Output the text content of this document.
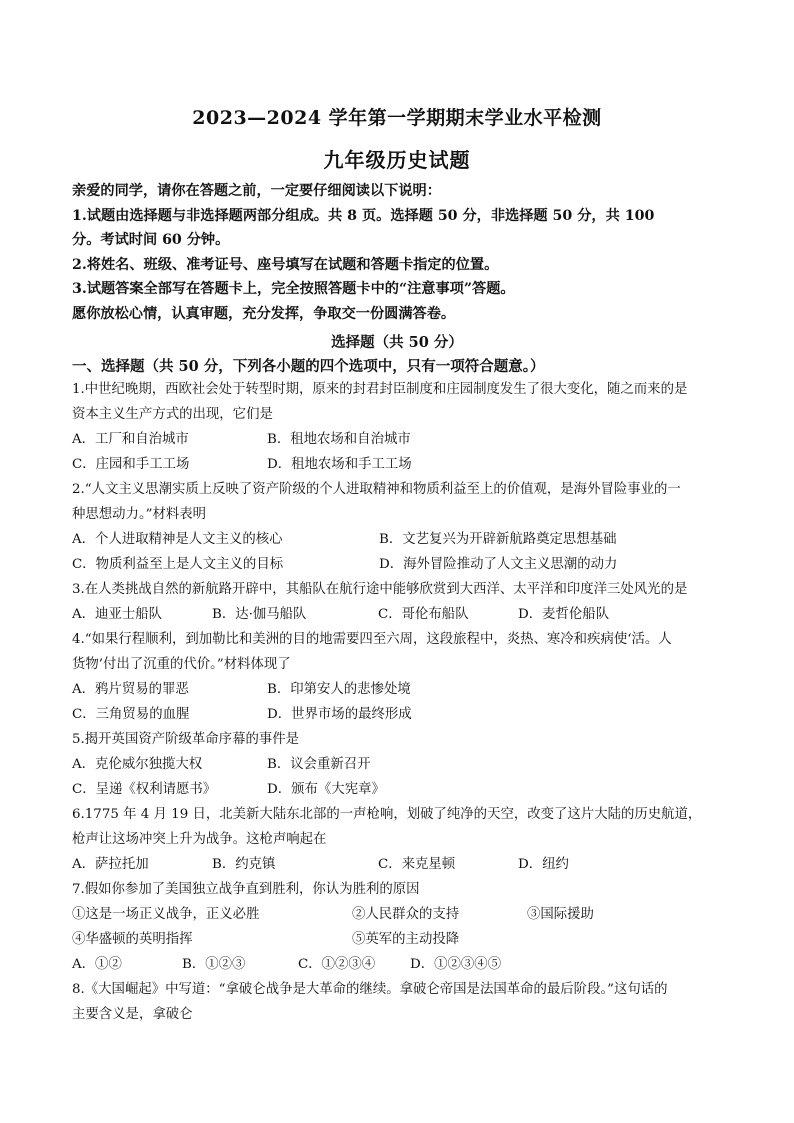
2023—2024 学年第一学期期末学业水平检测
九年级历史试题
亲爱的同学，请你在答题之前，一定要仔细阅读以下说明：
1.试题由选择题与非选择题两部分组成。共 8 页。选择题 50 分，非选择题 50 分，共 100
分。考试时间 60 分钟。
2.将姓名、班级、准考证号、座号填写在试题和答题卡指定的位置。
3.试题答案全部写在答题卡上，完全按照答题卡中的“注意事项”答题。
愿你放松心情，认真审题，充分发挥，争取交一份圆满答卷。
选择题（共 50 分）
一、选择题（共 50 分，下列各小题的四个选项中，只有一项符合题意。）
1.中世纪晚期，西欧社会处于转型时期，原来的封君封臣制度和庄园制度发生了很大变化，随之而来的是
资本主义生产方式的出现，它们是
A．工厂和自治城市	B．租地农场和自治城市
C．庄园和手工工场	D．租地农场和手工工场
2.“人文主义思潮实质上反映了资产阶级的个人进取精神和物质利益至上的价值观，是海外冒险事业的一
种思想动力。”材料表明
A．个人进取精神是人文主义的核心	B．文艺复兴为开辟新航路奠定思想基础
C．物质利益至上是人文主义的目标	D．海外冒险推动了人文主义思潮的动力
3.在人类挑战自然的新航路开辟中，其船队在航行途中能够欣赏到大西洋、太平洋和印度洋三处风光的是
A．迪亚士船队	B．达·伽马船队	C．哥伦布船队	D．麦哲伦船队
4.“如果行程顺利，到加勒比和美洲的目的地需要四至六周，这段旅程中，炎热、寒冷和疾病使‘活。人
货物’付出了沉重的代价。”材料体现了
A．鸦片贸易的罪恶	B．印第安人的悲惨处境
C．三角贸易的血腥	D．世界市场的最终形成
5.揭开英国资产阶级革命序幕的事件是
A．克伦威尔独揽大权	B．议会重新召开
C．呈递《权利请愿书》	D．颁布《大宪章》
6.1775 年 4 月 19 日，北美新大陆东北部的一声枪响，划破了纯净的天空，改变了这片大陆的历史航道，
枪声让这场冲突上升为战争。这枪声响起在
A．萨拉托加	B．约克镇	C．来克星顿	D．纽约
7.假如你参加了美国独立战争直到胜利，你认为胜利的原因
①这是一场正义战争，正义必胜	②人民群众的支持	③国际援助
④华盛顿的英明指挥	⑤英军的主动投降
A．①②	B．①②③	C．①②③④	D．①②③④⑤
8.《大国崛起》中写道：“拿破仑战争是大革命的继续。拿破仑帝国是法国革命的最后阶段。”这句话的
主要含义是，拿破仑
